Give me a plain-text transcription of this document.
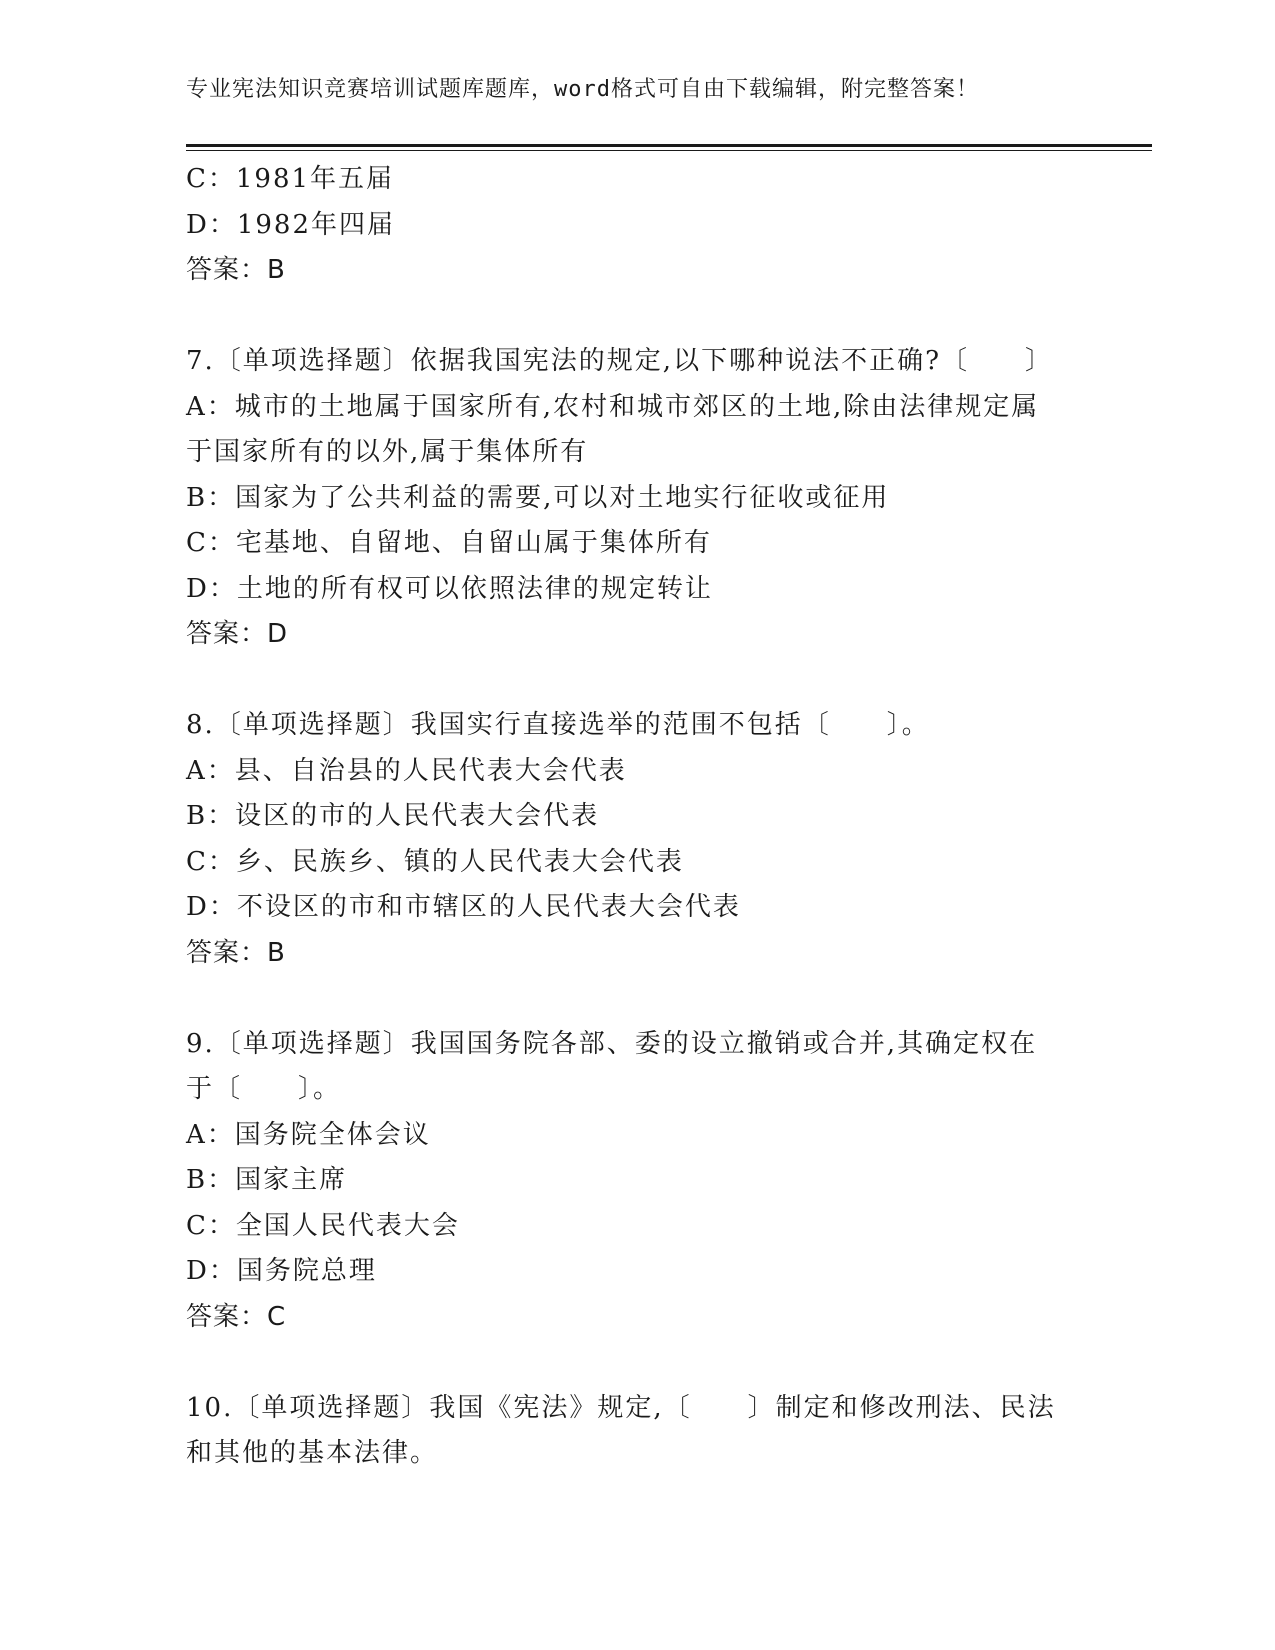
专业宪法知识竞赛培训试题库题库，word格式可自由下载编辑，附完整答案！
C：1981年五届
D：1982年四届
答案：B
7.〔单项选择题〕依据我国宪法的规定,以下哪种说法不正确?〔　　〕
A：城市的土地属于国家所有,农村和城市郊区的土地,除由法律规定属
于国家所有的以外,属于集体所有
B：国家为了公共利益的需要,可以对土地实行征收或征用
C：宅基地、自留地、自留山属于集体所有
D：土地的所有权可以依照法律的规定转让
答案：D
8.〔单项选择题〕我国实行直接选举的范围不包括〔　　〕。
A：县、自治县的人民代表大会代表
B：设区的市的人民代表大会代表
C：乡、民族乡、镇的人民代表大会代表
D：不设区的市和市辖区的人民代表大会代表
答案：B
9.〔单项选择题〕我国国务院各部、委的设立撤销或合并,其确定权在
于〔　　〕。
A：国务院全体会议
B：国家主席
C：全国人民代表大会
D：国务院总理
答案：C
10.〔单项选择题〕我国《宪法》规定,〔　　〕制定和修改刑法、民法
和其他的基本法律。
